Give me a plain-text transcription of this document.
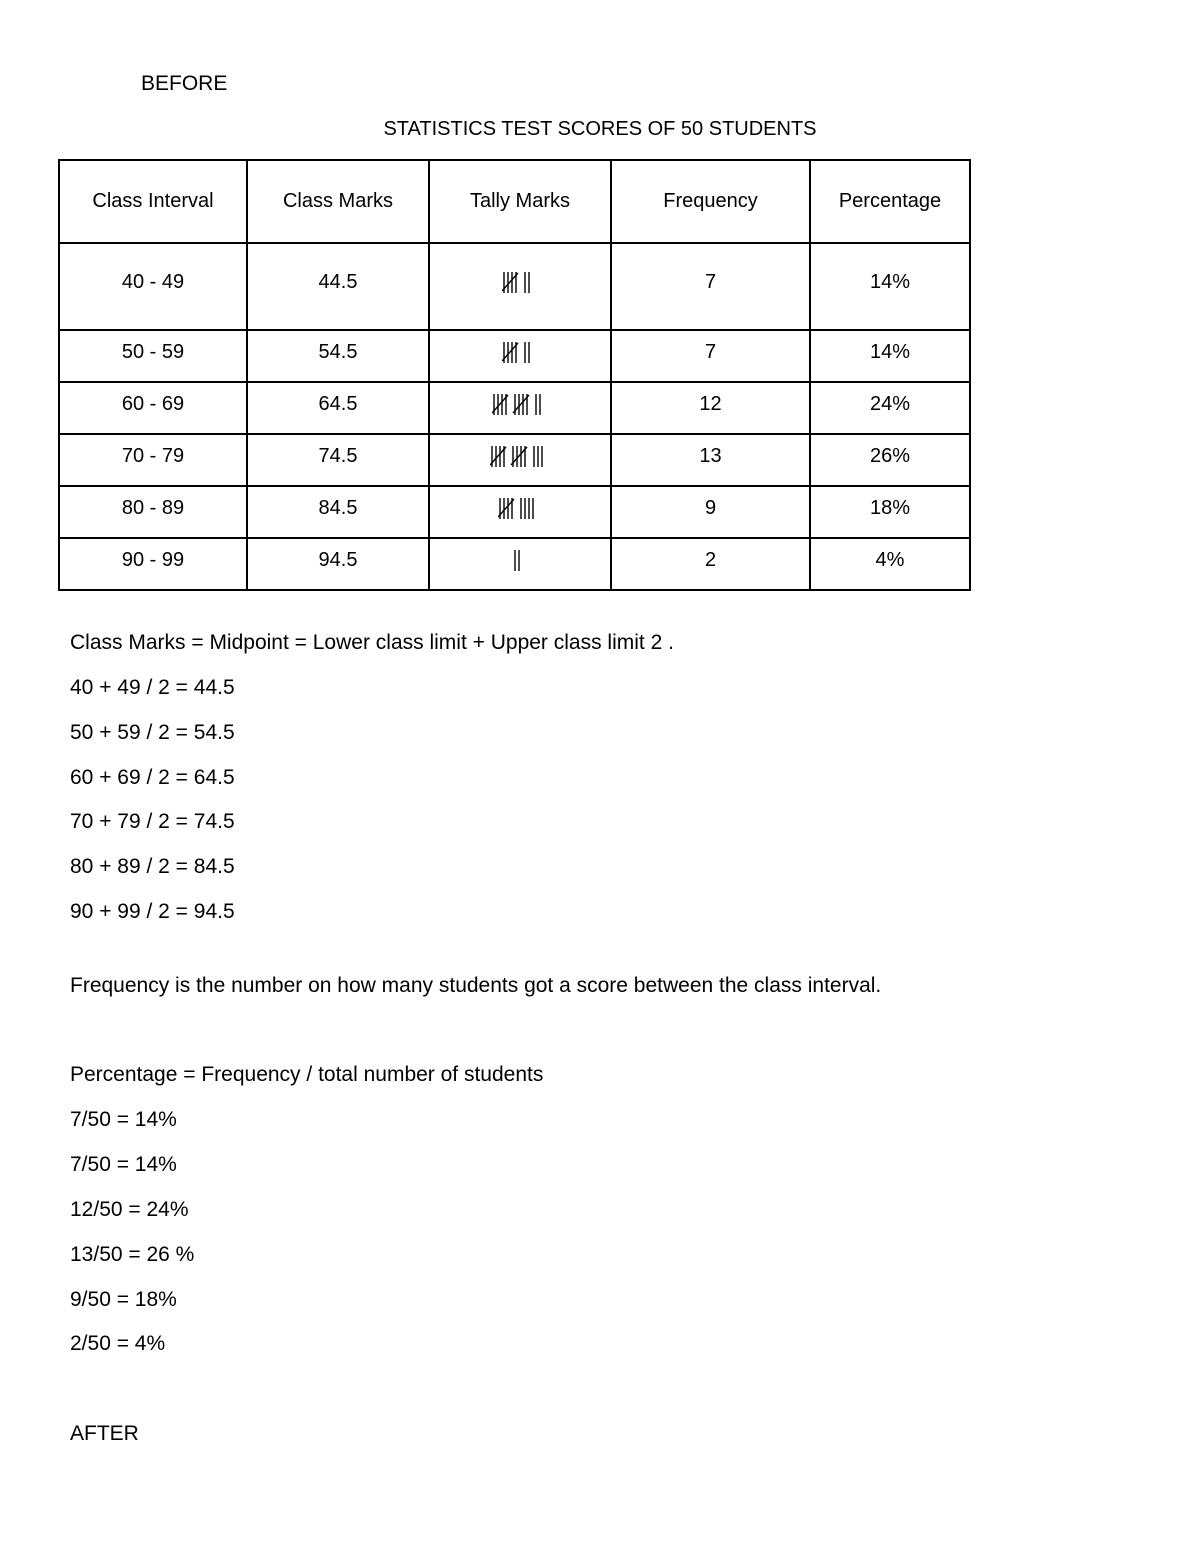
BEFORE
STATISTICS TEST SCORES OF 50 STUDENTS
Class Interval	Class Marks	Tally Marks	Frequency	Percentage
40 - 49	44.5		7	14%
50 - 59	54.5		7	14%
60 - 69	64.5		12	24%
70 - 79	74.5		13	26%
80 - 89	84.5		9	18%
90 - 99	94.5		2	4%
Class Marks = Midpoint = Lower class limit + Upper class limit 2 .
40 + 49 / 2 = 44.5
50 + 59 / 2 = 54.5
60 + 69 / 2 = 64.5
70 + 79 / 2 = 74.5
80 + 89 / 2 = 84.5
90 + 99 / 2 = 94.5
Frequency is the number on how many students got a score between the class interval.
Percentage = Frequency / total number of students
7/50 = 14%
7/50 = 14%
12/50 = 24%
13/50 = 26 %
9/50 = 18%
2/50 = 4%
AFTER
